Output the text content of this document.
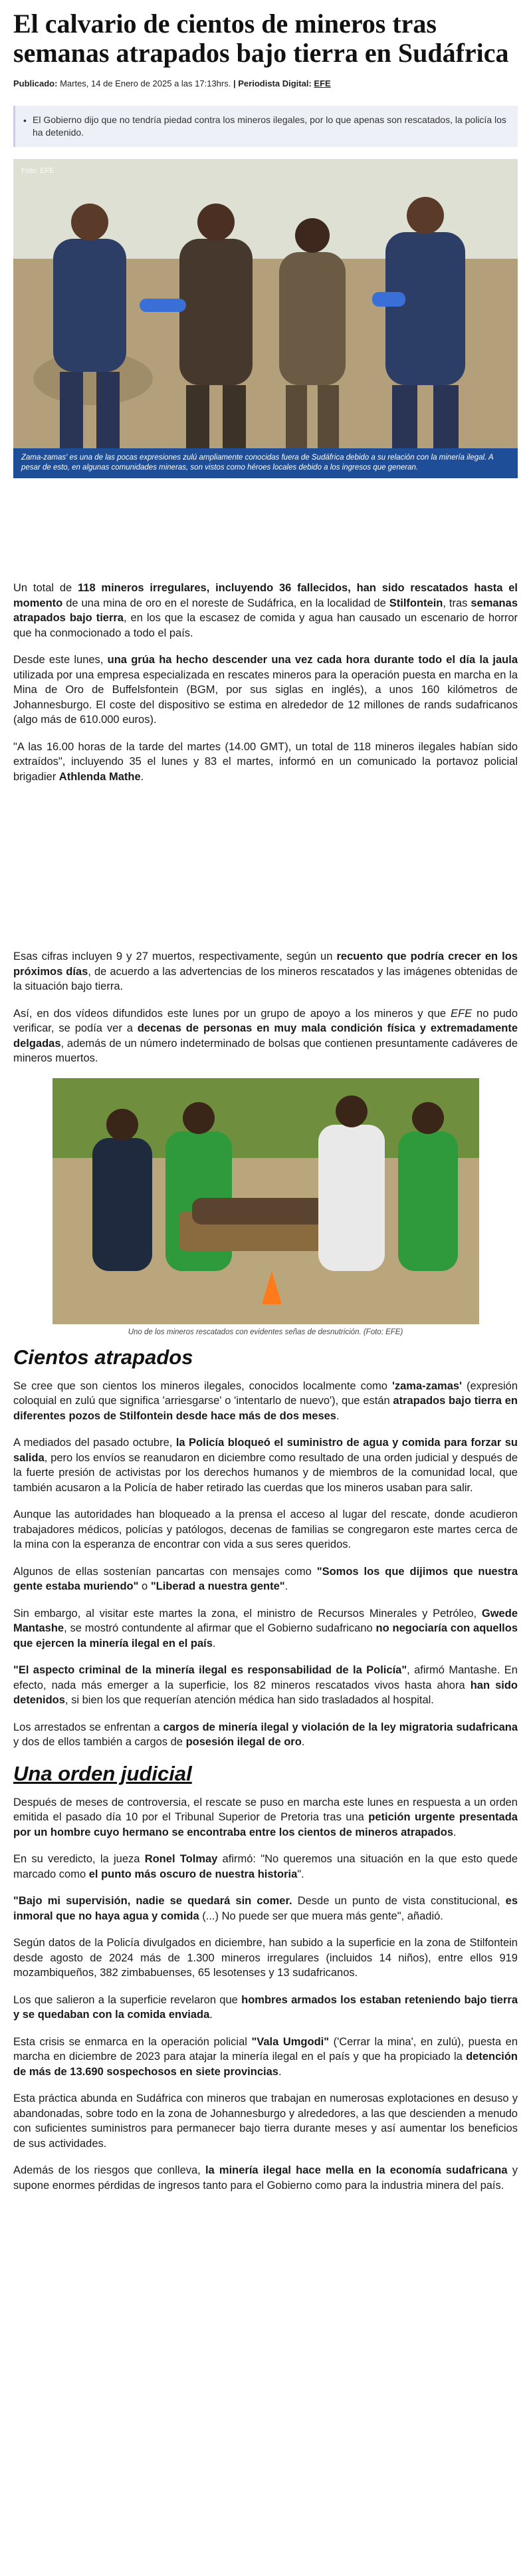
El calvario de cientos de mineros tras semanas atrapados bajo tierra en Sudáfrica
Publicado: Martes, 14 de Enero de 2025 a las 17:13hrs. | Periodista Digital: EFE
• El Gobierno dijo que no tendría piedad contra los mineros ilegales, por lo que apenas son rescatados, la policía los ha detenido.
Foto: EFE
Zama-zamas' es una de las pocas expresiones zulú ampliamente conocidas fuera de Sudáfrica debido a su relación con la minería ilegal. A pesar de esto, en algunas comunidades mineras, son vistos como héroes locales debido a los ingresos que generan.

Un total de 118 mineros irregulares, incluyendo 36 fallecidos, han sido rescatados hasta el momento de una mina de oro en el noreste de Sudáfrica, en la localidad de Stilfontein, tras semanas atrapados bajo tierra, en los que la escasez de comida y agua han causado un escenario de horror que ha conmocionado a todo el país.

Desde este lunes, una grúa ha hecho descender una vez cada hora durante todo el día la jaula utilizada por una empresa especializada en rescates mineros para la operación puesta en marcha en la Mina de Oro de Buffelsfontein (BGM, por sus siglas en inglés), a unos 160 kilómetros de Johannesburgo. El coste del dispositivo se estima en alrededor de 12 millones de rands sudafricanos (algo más de 610.000 euros).

"A las 16.00 horas de la tarde del martes (14.00 GMT), un total de 118 mineros ilegales habían sido extraídos", incluyendo 35 el lunes y 83 el martes, informó en un comunicado la portavoz policial brigadier Athlenda Mathe.

Esas cifras incluyen 9 y 27 muertos, respectivamente, según un recuento que podría crecer en los próximos días, de acuerdo a las advertencias de los mineros rescatados y las imágenes obtenidas de la situación bajo tierra.

Así, en dos vídeos difundidos este lunes por un grupo de apoyo a los mineros y que EFE no pudo verificar, se podía ver a decenas de personas en muy mala condición física y extremadamente delgadas, además de un número indeterminado de bolsas que contienen presuntamente cadáveres de mineros muertos.

Uno de los mineros rescatados con evidentes señas de desnutrición. (Foto: EFE)
Cientos atrapados

Se cree que son cientos los mineros ilegales, conocidos localmente como 'zama-zamas' (expresión coloquial en zulú que significa 'arriesgarse' o 'intentarlo de nuevo'), que están atrapados bajo tierra en diferentes pozos de Stilfontein desde hace más de dos meses.

A mediados del pasado octubre, la Policía bloqueó el suministro de agua y comida para forzar su salida, pero los envíos se reanudaron en diciembre como resultado de una orden judicial y después de la fuerte presión de activistas por los derechos humanos y de miembros de la comunidad local, que también acusaron a la Policía de haber retirado las cuerdas que los mineros usaban para salir.

Aunque las autoridades han bloqueado a la prensa el acceso al lugar del rescate, donde acudieron trabajadores médicos, policías y patólogos, decenas de familias se congregaron este martes cerca de la mina con la esperanza de encontrar con vida a sus seres queridos.

Algunos de ellas sostenían pancartas con mensajes como "Somos los que dijimos que nuestra gente estaba muriendo" o "Liberad a nuestra gente".

Sin embargo, al visitar este martes la zona, el ministro de Recursos Minerales y Petróleo, Gwede Mantashe, se mostró contundente al afirmar que el Gobierno sudafricano no negociaría con aquellos que ejercen la minería ilegal en el país.

"El aspecto criminal de la minería ilegal es responsabilidad de la Policía", afirmó Mantashe. En efecto, nada más emerger a la superficie, los 82 mineros rescatados vivos hasta ahora han sido detenidos, si bien los que requerían atención médica han sido trasladados al hospital.

Los arrestados se enfrentan a cargos de minería ilegal y violación de la ley migratoria sudafricana y dos de ellos también a cargos de posesión ilegal de oro.

Una orden judicial

Después de meses de controversia, el rescate se puso en marcha este lunes en respuesta a un orden emitida el pasado día 10 por el Tribunal Superior de Pretoria tras una petición urgente presentada por un hombre cuyo hermano se encontraba entre los cientos de mineros atrapados.

En su veredicto, la jueza Ronel Tolmay afirmó: "No queremos una situación en la que esto quede marcado como el punto más oscuro de nuestra historia".

"Bajo mi supervisión, nadie se quedará sin comer. Desde un punto de vista constitucional, es inmoral que no haya agua y comida (...) No puede ser que muera más gente", añadió.

Según datos de la Policía divulgados en diciembre, han subido a la superficie en la zona de Stilfontein desde agosto de 2024 más de 1.300 mineros irregulares (incluidos 14 niños), entre ellos 919 mozambiqueños, 382 zimbabuenses, 65 lesotenses y 13 sudafricanos.

Los que salieron a la superficie revelaron que hombres armados los estaban reteniendo bajo tierra y se quedaban con la comida enviada.

Esta crisis se enmarca en la operación policial "Vala Umgodi" ('Cerrar la mina', en zulú), puesta en marcha en diciembre de 2023 para atajar la minería ilegal en el país y que ha propiciado la detención de más de 13.690 sospechosos en siete provincias.

Esta práctica abunda en Sudáfrica con mineros que trabajan en numerosas explotaciones en desuso y abandonadas, sobre todo en la zona de Johannesburgo y alrededores, a las que descienden a menudo con suficientes suministros para permanecer bajo tierra durante meses y así aumentar los beneficios de sus actividades.

Además de los riesgos que conlleva, la minería ilegal hace mella en la economía sudafricana y supone enormes pérdidas de ingresos tanto para el Gobierno como para la industria minera del país.
